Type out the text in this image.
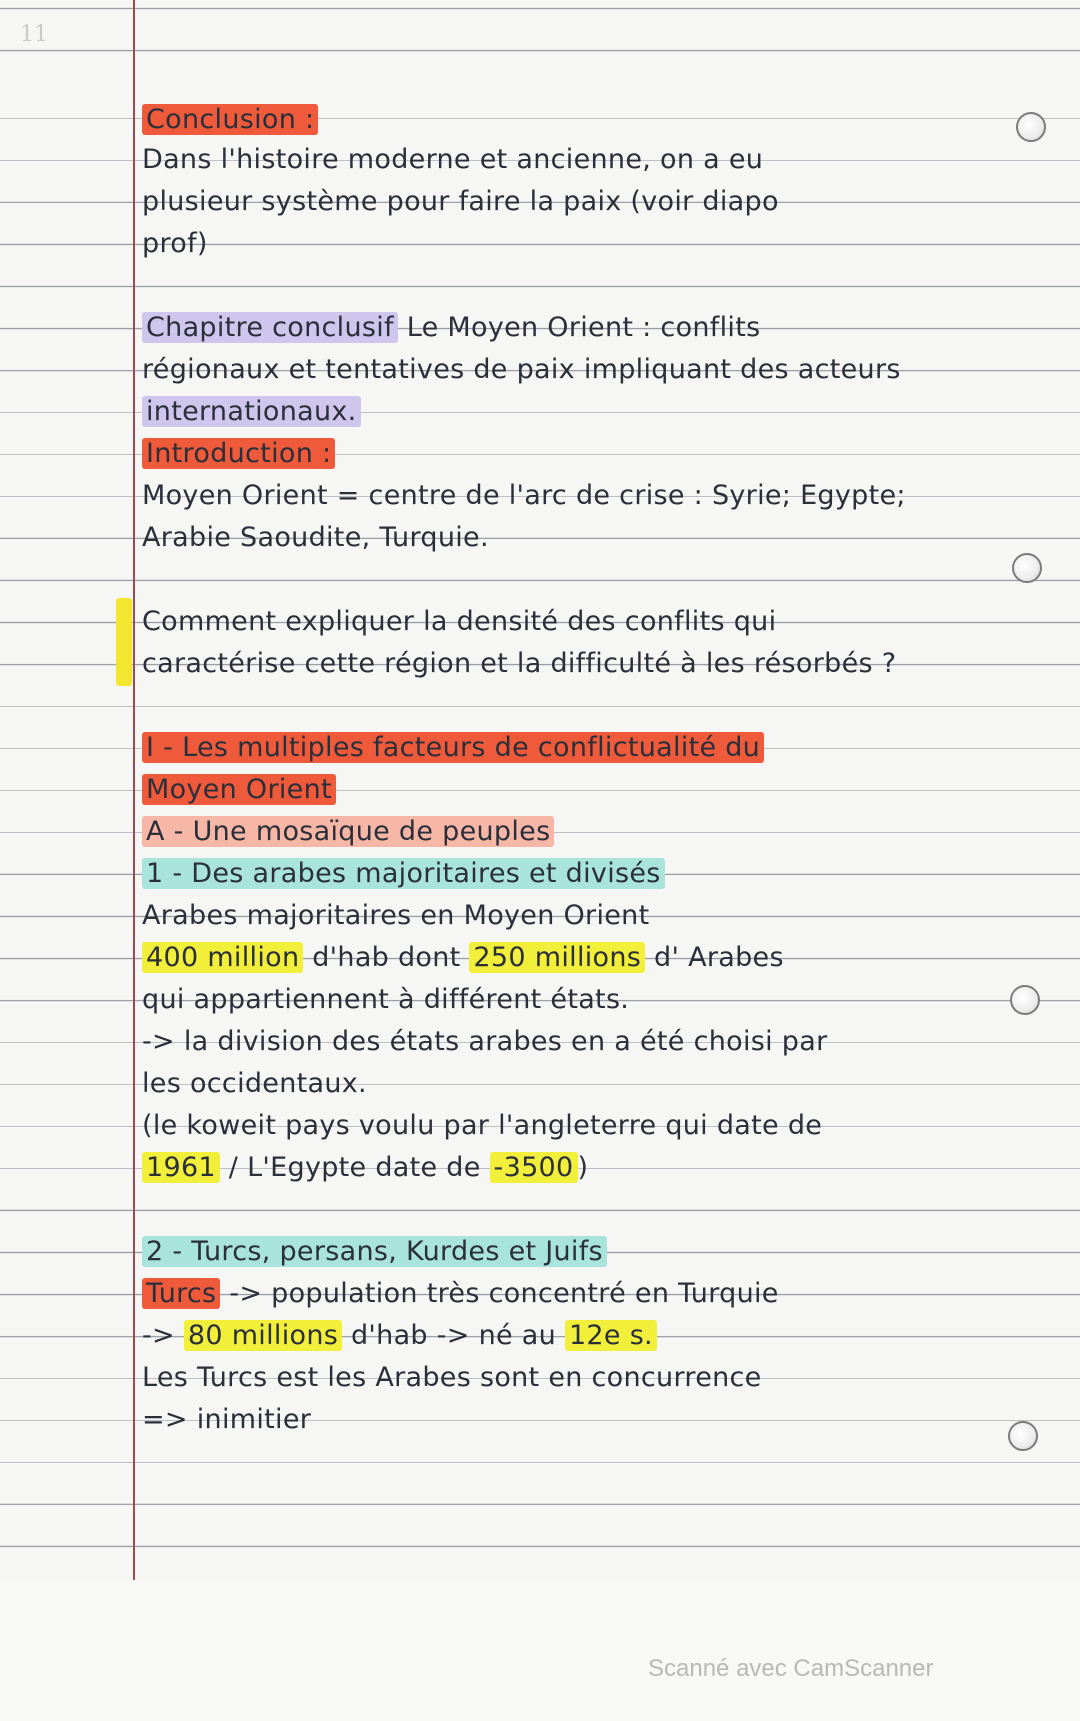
11
Conclusion :
Dans l'histoire moderne et ancienne, on a eu
plusieur système pour faire la paix (voir diapo
prof)
Chapitre conclusif Le Moyen Orient : conflits
régionaux et tentatives de paix impliquant des acteurs
internationaux.
Introduction :
Moyen Orient = centre de l'arc de crise : Syrie; Egypte;
Arabie Saoudite, Turquie.
Comment expliquer la densité des conflits qui
caractérise cette région et la difficulté à les résorbés ?
I - Les multiples facteurs de conflictualité du
Moyen Orient
A - Une mosaïque de peuples
1 - Des arabes majoritaires et divisés
Arabes majoritaires en Moyen Orient
400 million d'hab dont 250 millions d' Arabes
qui appartiennent à différent états.
-> la division des états arabes en a été choisi par
les occidentaux.
(le koweit pays voulu par l'angleterre qui date de
1961 / L'Egypte date de -3500 )
2 - Turcs, persans, Kurdes et Juifs
Turcs -> population très concentré en Turquie
-> 80 millions d'hab -> né au 12e s.
Les Turcs est les Arabes sont en concurrence
=> inimitier
Scanné avec CamScanner
